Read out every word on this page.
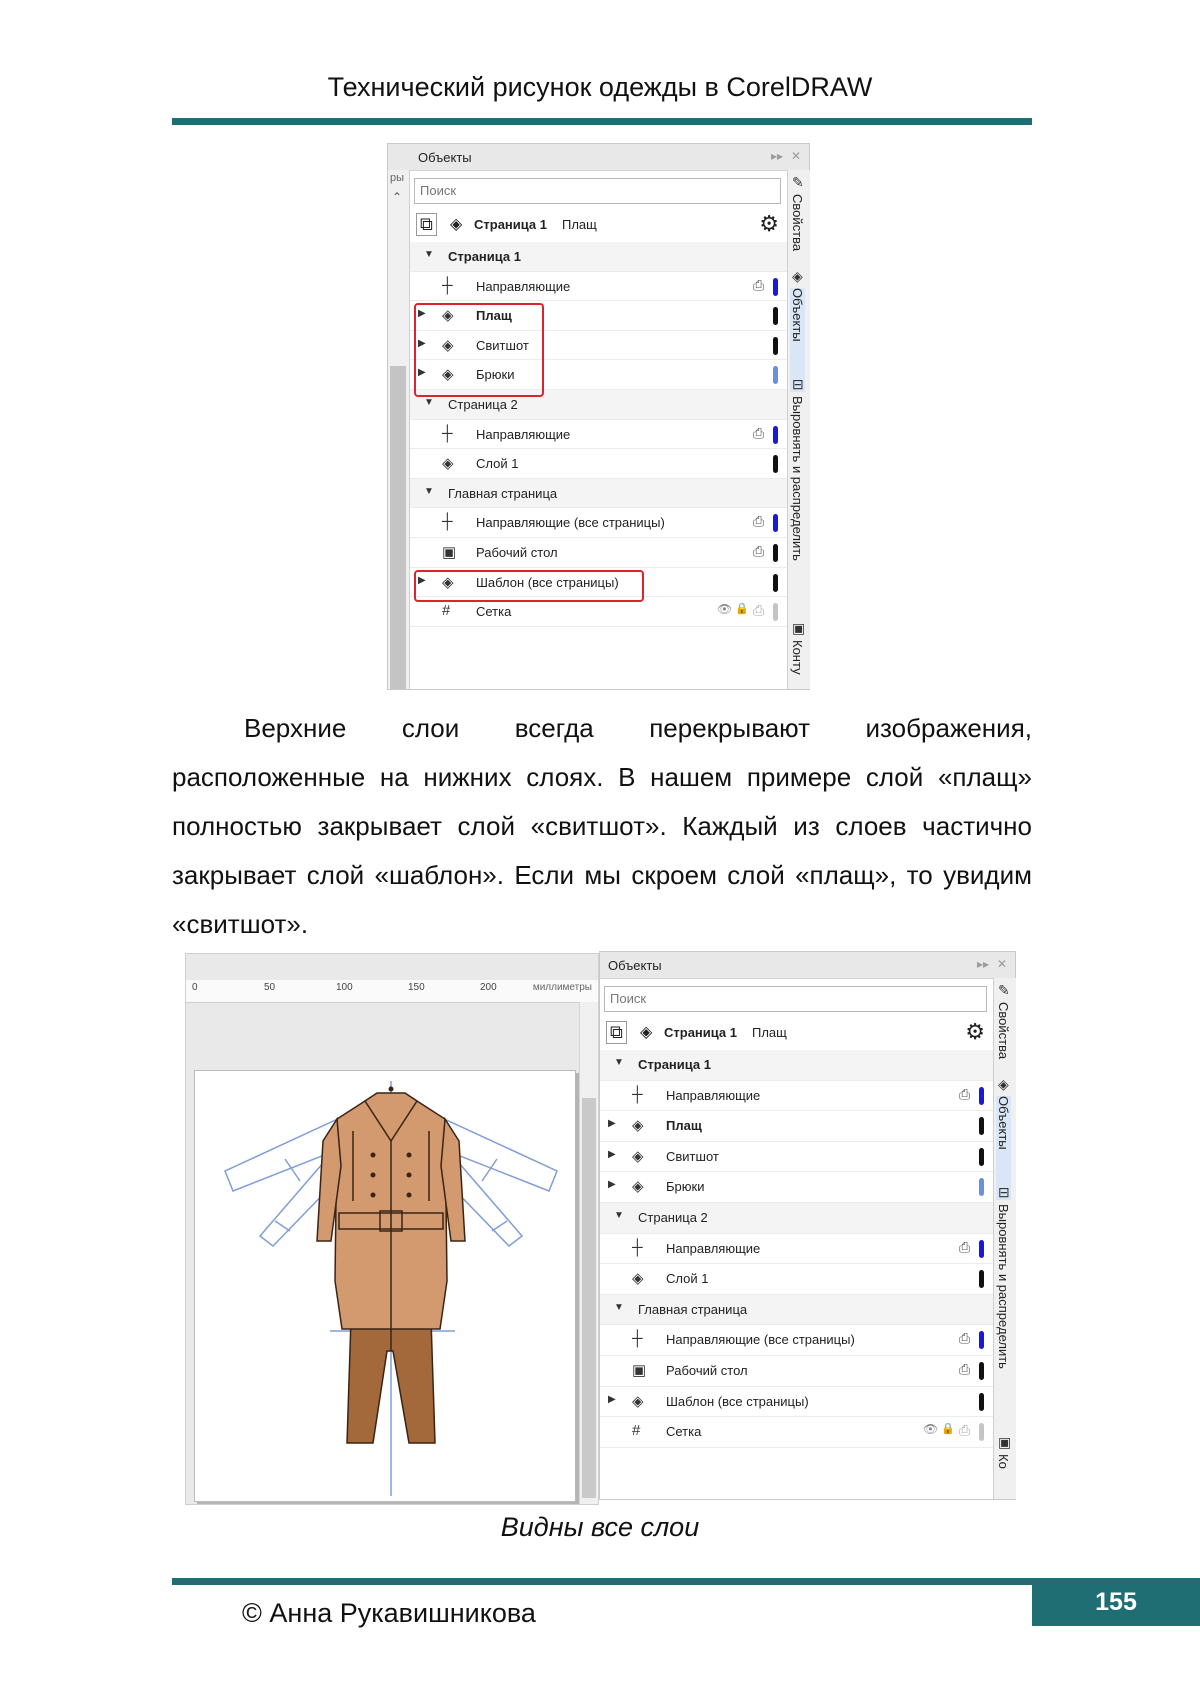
Технический рисунок одежды в CorelDRAW
Объекты	▸▸ ✕
ры
⌃ Поиск
⧉ ◈ Страница 1 Плащ	⚙
▼ Страница 1
┼ Направляющие	⎙
▶ ◈ Плащ
▶ ◈ Свитшот
▶ ◈ Брюки
▼ Страница 2
┼ Направляющие	⎙
◈ Слой 1
▼ Главная страница
┼ Направляющие (все страницы)	⎙
▣ Рабочий стол	⎙
▶ ◈ Шаблон (все страницы)
# Сетка	👁 🔒 ⎙
✎
Свойства
◈
Объекты
⊟
Выровнять и распределить
▣
Конту

Верхние слои всегда перекрывают изображения, расположенные на нижних слоях. В нашем примере слой «плащ» полностью закрывает слой «свитшот». Каждый из слоев частично закрывает слой «шаблон». Если мы скроем слой «плащ», то увидим «свитшот».

миллиметры
0	50	100	150	200
Объекты	▸▸ ✕
Поиск
⧉ ◈ Страница 1 Плащ	⚙
▼ Страница 1
┼ Направляющие	⎙
▶ ◈ Плащ
▶ ◈ Свитшот
▶ ◈ Брюки
▼ Страница 2
┼ Направляющие	⎙
◈ Слой 1
▼ Главная страница
┼ Направляющие (все страницы)	⎙
▣ Рабочий стол	⎙
▶ ◈ Шаблон (все страницы)
# Сетка	👁 🔒 ⎙
✎
Свойства
◈
Объекты
⊟
Выровнять и распределить
▣
Ко
Видны все слои
155
© Анна Рукавишникова
